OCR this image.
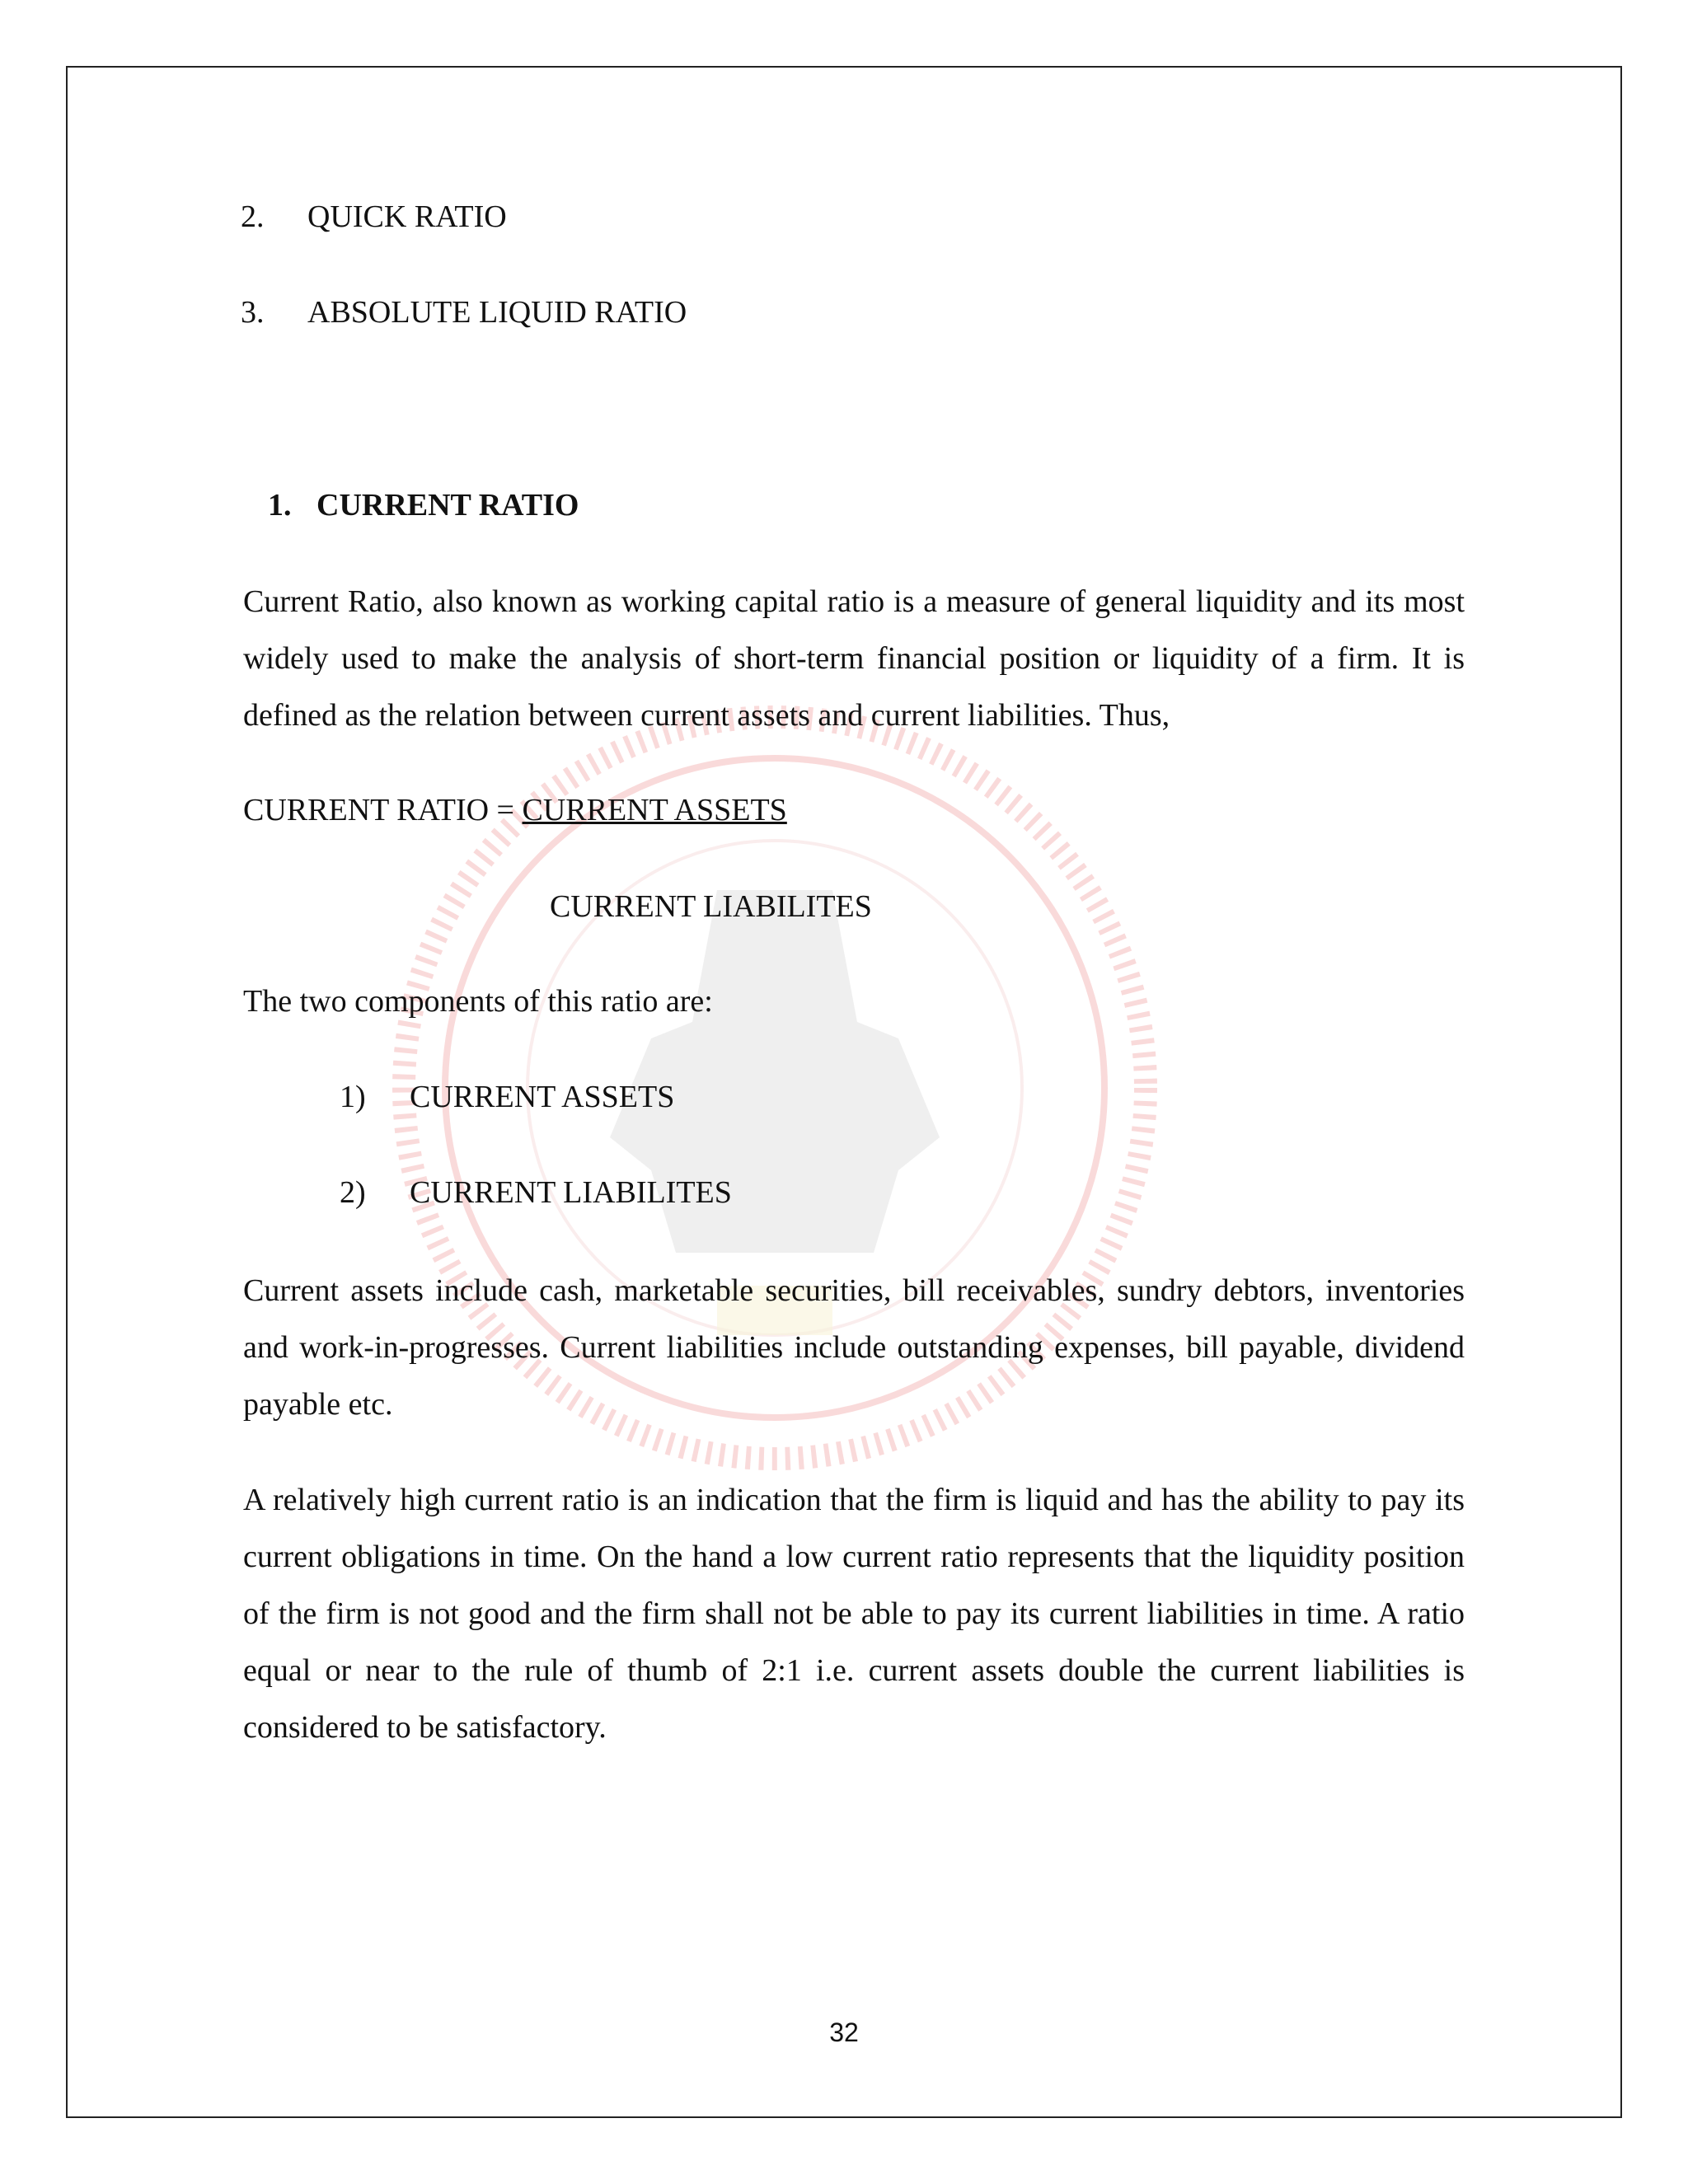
2. QUICK RATIO
3. ABSOLUTE LIQUID RATIO
1. CURRENT RATIO

Current Ratio, also known as working capital ratio is a measure of general liquidity and its most widely used to make the analysis of short-term financial position or liquidity of a firm. It is defined as the relation between current assets and current liabilities. Thus,

CURRENT RATIO = CURRENT ASSETS
CURRENT LIABILITES
The two components of this ratio are:
1) CURRENT ASSETS
2) CURRENT LIABILITES

Current assets include cash, marketable securities, bill receivables, sundry debtors, inventories and work-in-progresses. Current liabilities include outstanding expenses, bill payable, dividend payable etc.

A relatively high current ratio is an indication that the firm is liquid and has the ability to pay its current obligations in time. On the hand a low current ratio represents that the liquidity position of the firm is not good and the firm shall not be able to pay its current liabilities in time. A ratio equal or near to the rule of thumb of 2:1 i.e. current assets double the current liabilities is considered to be satisfactory.

32
